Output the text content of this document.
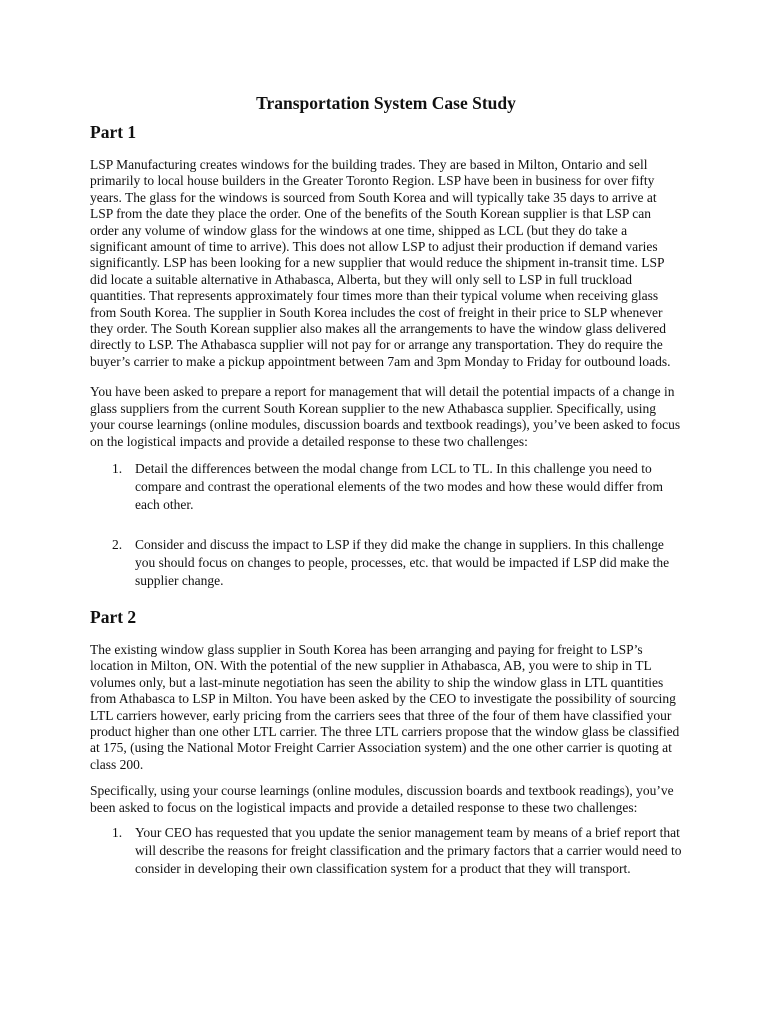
Transportation System Case Study
Part 1

LSP Manufacturing creates windows for the building trades. They are based in Milton, Ontario and sell primarily to local house builders in the Greater Toronto Region. LSP have been in business for over fifty years. The glass for the windows is sourced from South Korea and will typically take 35 days to arrive at LSP from the date they place the order. One of the benefits of the South Korean supplier is that LSP can order any volume of window glass for the windows at one time, shipped as LCL (but they do take a significant amount of time to arrive). This does not allow LSP to adjust their production if demand varies significantly. LSP has been looking for a new supplier that would reduce the shipment in-transit time. LSP did locate a suitable alternative in Athabasca, Alberta, but they will only sell to LSP in full truckload quantities. That represents approximately four times more than their typical volume when receiving glass from South Korea. The supplier in South Korea includes the cost of freight in their price to SLP whenever they order. The South Korean supplier also makes all the arrangements to have the window glass delivered directly to LSP. The Athabasca supplier will not pay for or arrange any transportation. They do require the buyer’s carrier to make a pickup appointment between 7am and 3pm Monday to Friday for outbound loads.

You have been asked to prepare a report for management that will detail the potential impacts of a change in glass suppliers from the current South Korean supplier to the new Athabasca supplier. Specifically, using your course learnings (online modules, discussion boards and textbook readings), you’ve been asked to focus on the logistical impacts and provide a detailed response to these two challenges:

1. Detail the differences between the modal change from LCL to TL. In this challenge you need to compare and contrast the operational elements of the two modes and how these would differ from each other.
2. Consider and discuss the impact to LSP if they did make the change in suppliers. In this challenge you should focus on changes to people, processes, etc. that would be impacted if LSP did make the supplier change.
Part 2

The existing window glass supplier in South Korea has been arranging and paying for freight to LSP’s location in Milton, ON. With the potential of the new supplier in Athabasca, AB, you were to ship in TL volumes only, but a last-minute negotiation has seen the ability to ship the window glass in LTL quantities from Athabasca to LSP in Milton. You have been asked by the CEO to investigate the possibility of sourcing LTL carriers however, early pricing from the carriers sees that three of the four of them have classified your product higher than one other LTL carrier. The three LTL carriers propose that the window glass be classified at 175, (using the National Motor Freight Carrier Association system) and the one other carrier is quoting at class 200.

Specifically, using your course learnings (online modules, discussion boards and textbook readings), you’ve been asked to focus on the logistical impacts and provide a detailed response to these two challenges:

1. Your CEO has requested that you update the senior management team by means of a brief report that will describe the reasons for freight classification and the primary factors that a carrier would need to consider in developing their own classification system for a product that they will transport.
